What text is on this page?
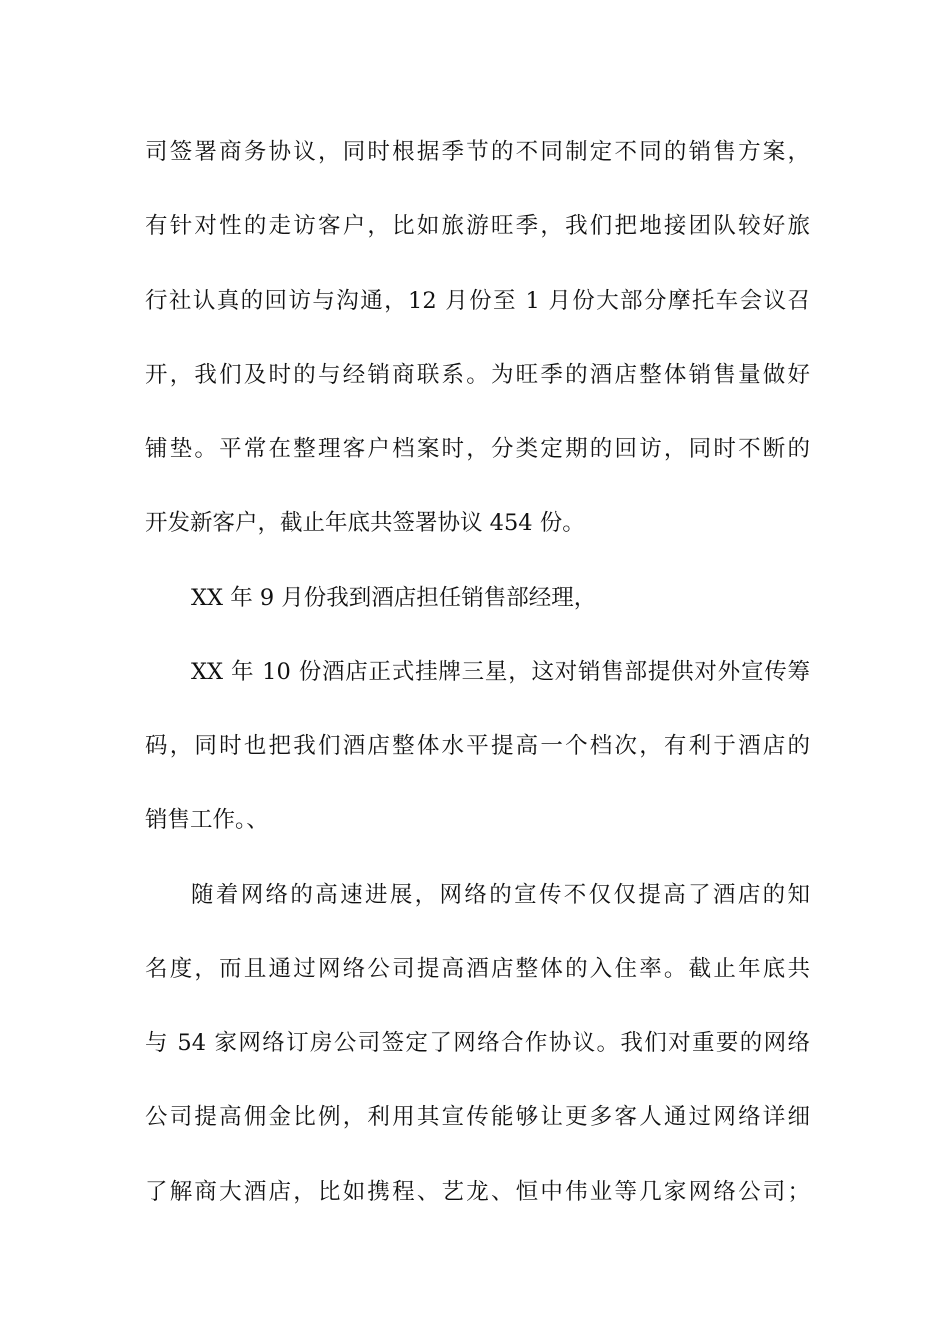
司签署商务协议，同时根据季节的不同制定不同的销售方案，

有针对性的走访客户，比如旅游旺季，我们把地接团队较好旅

行社认真的回访与沟通，12 月份至 1 月份大部分摩托车会议召

开，我们及时的与经销商联系。为旺季的酒店整体销售量做好

铺垫。平常在整理客户档案时，分类定期的回访，同时不断的

开发新客户，截止年底共签署协议 454 份。

XX 年 9 月份我到酒店担任销售部经理，

XX 年 10 份酒店正式挂牌三星，这对销售部提供对外宣传筹

码，同时也把我们酒店整体水平提高一个档次，有利于酒店的

销售工作。、

随着网络的高速进展，网络的宣传不仅仅提高了酒店的知

名度，而且通过网络公司提高酒店整体的入住率。截止年底共

与 54 家网络订房公司签定了网络合作协议。我们对重要的网络

公司提高佣金比例，利用其宣传能够让更多客人通过网络详细

了解商大酒店，比如携程、艺龙、恒中伟业等几家网络公司；
